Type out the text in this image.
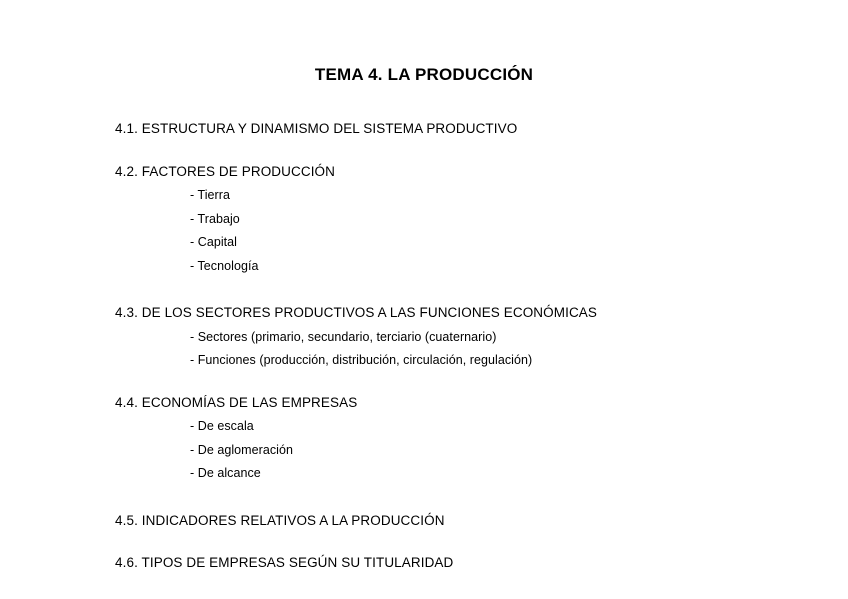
TEMA 4. LA PRODUCCIÓN
4.1. ESTRUCTURA Y DINAMISMO DEL SISTEMA PRODUCTIVO
4.2. FACTORES DE PRODUCCIÓN
- Tierra
- Trabajo
- Capital
- Tecnología
4.3. DE LOS SECTORES PRODUCTIVOS A LAS FUNCIONES ECONÓMICAS
- Sectores (primario, secundario, terciario (cuaternario)
- Funciones (producción, distribución, circulación, regulación)
4.4. ECONOMÍAS DE LAS EMPRESAS
- De escala
- De aglomeración
- De alcance
4.5. INDICADORES RELATIVOS A LA PRODUCCIÓN
4.6. TIPOS DE EMPRESAS SEGÚN SU TITULARIDAD
